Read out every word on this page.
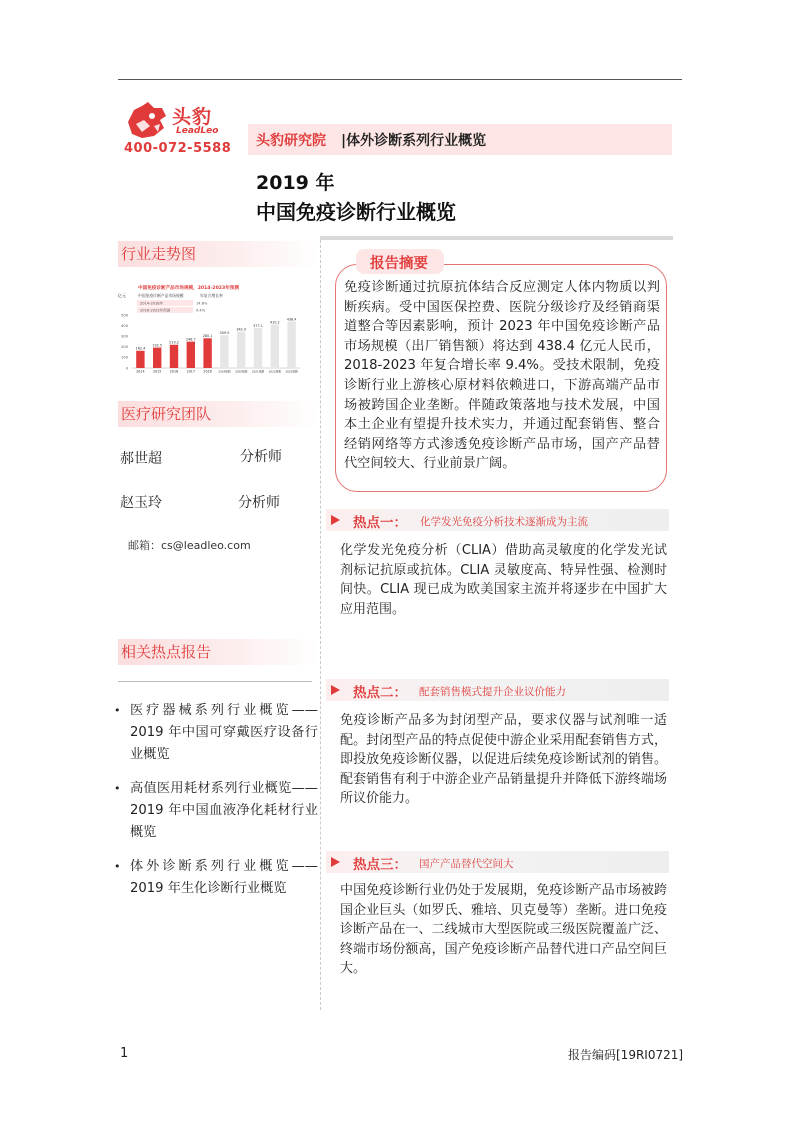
头豹
LeadLeo
400-072-5588 头豹研究院 |体外诊断系列行业概览
2019 年
中国免疫诊断行业概览
行业走势图
中国免疫诊断产品市场规模，2014-2023年预测
亿元	中国免疫诊断产品市场规模	年复合增长率
2014-2018年	14.6%
2018-2023年预测	9.4%
500
400
300
200
100
0
162.4
2014
192.5
2015
219.2
2016
248.7
2017
280.1
2018
309.5
2019预测
342.0
2020预测
377.1
2021预测
410.2
2022预测
438.4
2023预测
医疗研究团队
郝世超	分析师
赵玉玲	分析师
邮箱：cs@leadleo.com
相关热点报告
• 医疗器械系列行业概览——2019 年中国可穿戴医疗设备行业概览
• 高值医用耗材系列行业概览——2019 年中国血液净化耗材行业概览
• 体外诊断系列行业概览——2019 年生化诊断行业概览
报告摘要
免疫诊断通过抗原抗体结合反应测定人体内物质以判断疾病。受中国医保控费、医院分级诊疗及经销商渠道整合等因素影响，预计 2023 年中国免疫诊断产品市场规模（出厂销售额）将达到 438.4 亿元人民币，2018-2023 年复合增长率 9.4%。受技术限制，免疫诊断行业上游核心原材料依赖进口，下游高端产品市场被跨国企业垄断。伴随政策落地与技术发展，中国本土企业有望提升技术实力，并通过配套销售、整合经销网络等方式渗透免疫诊断产品市场，国产产品替代空间较大、行业前景广阔。
热点一： 化学发光免疫分析技术逐渐成为主流
化学发光免疫分析（CLIA）借助高灵敏度的化学发光试剂标记抗原或抗体。CLIA 灵敏度高、特异性强、检测时间快。CLIA 现已成为欧美国家主流并将逐步在中国扩大应用范围。
热点二： 配套销售模式提升企业议价能力
免疫诊断产品多为封闭型产品，要求仪器与试剂唯一适配。封闭型产品的特点促使中游企业采用配套销售方式，即投放免疫诊断仪器，以促进后续免疫诊断试剂的销售。配套销售有利于中游企业产品销量提升并降低下游终端场所议价能力。
热点三： 国产产品替代空间大
中国免疫诊断行业仍处于发展期，免疫诊断产品市场被跨国企业巨头（如罗氏、雅培、贝克曼等）垄断。进口免疫诊断产品在一、二线城市大型医院或三级医院覆盖广泛、终端市场份额高，国产免疫诊断产品替代进口产品空间巨大。
1	报告编码[19RI0721]
